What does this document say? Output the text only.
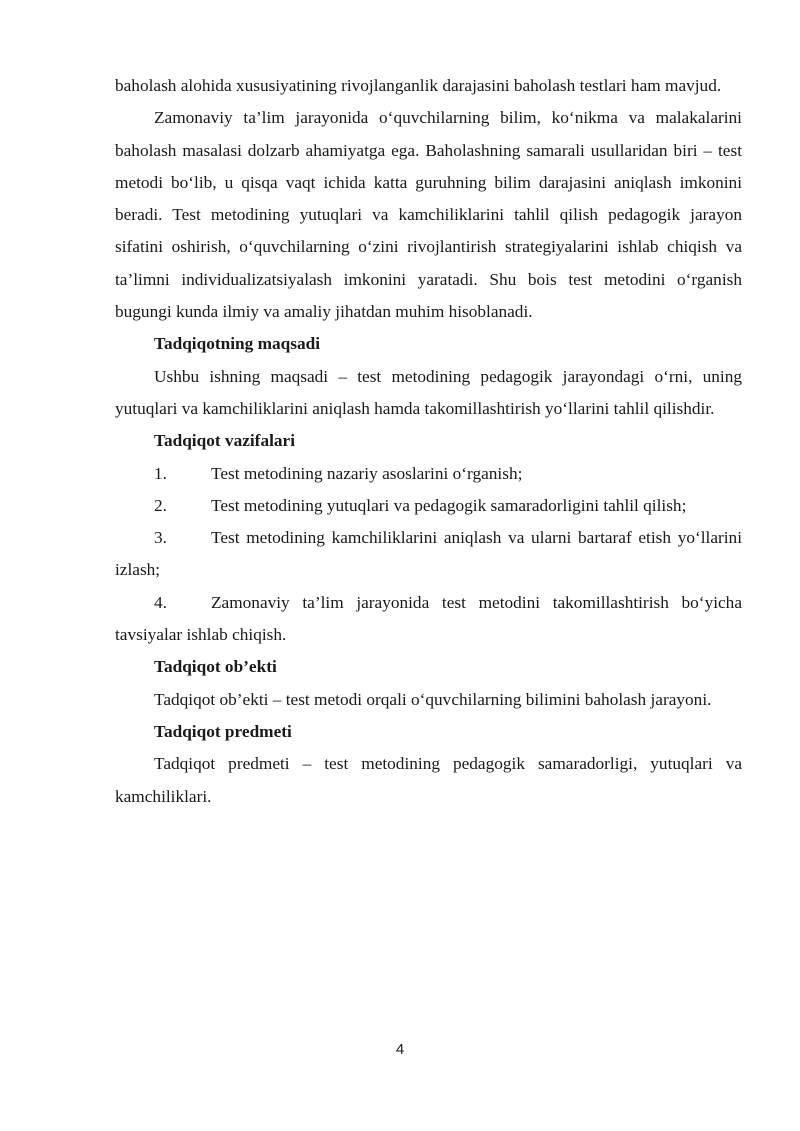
baholash alohida xususiyatining rivojlanganlik darajasini baholash testlari ham mavjud.

Zamonaviy ta’lim jarayonida o‘quvchilarning bilim, ko‘nikma va malakalarini baholash masalasi dolzarb ahamiyatga ega. Baholashning samarali usullaridan biri – test metodi bo‘lib, u qisqa vaqt ichida katta guruhning bilim darajasini aniqlash imkonini beradi. Test metodining yutuqlari va kamchiliklarini tahlil qilish pedagogik jarayon sifatini oshirish, o‘quvchilarning o‘zini rivojlantirish strategiyalarini ishlab chiqish va ta’limni individualizatsiyalash imkonini yaratadi. Shu bois test metodini o‘rganish bugungi kunda ilmiy va amaliy jihatdan muhim hisoblanadi.

Tadqiqotning maqsadi

Ushbu ishning maqsadi – test metodining pedagogik jarayondagi o‘rni, uning yutuqlari va kamchiliklarini aniqlash hamda takomillashtirish yo‘llarini tahlil qilishdir.

Tadqiqot vazifalari

1.	Test metodining nazariy asoslarini o‘rganish;

2.	Test metodining yutuqlari va pedagogik samaradorligini tahlil qilish;

3.	Test metodining kamchiliklarini aniqlash va ularni bartaraf etish yo‘llarini izlash;

4.	Zamonaviy ta’lim jarayonida test metodini takomillashtirish bo‘yicha tavsiyalar ishlab chiqish.

Tadqiqot ob’ekti

Tadqiqot ob’ekti – test metodi orqali o‘quvchilarning bilimini baholash jarayoni.

Tadqiqot predmeti

Tadqiqot predmeti – test metodining pedagogik samaradorligi, yutuqlari va kamchiliklari.

4
